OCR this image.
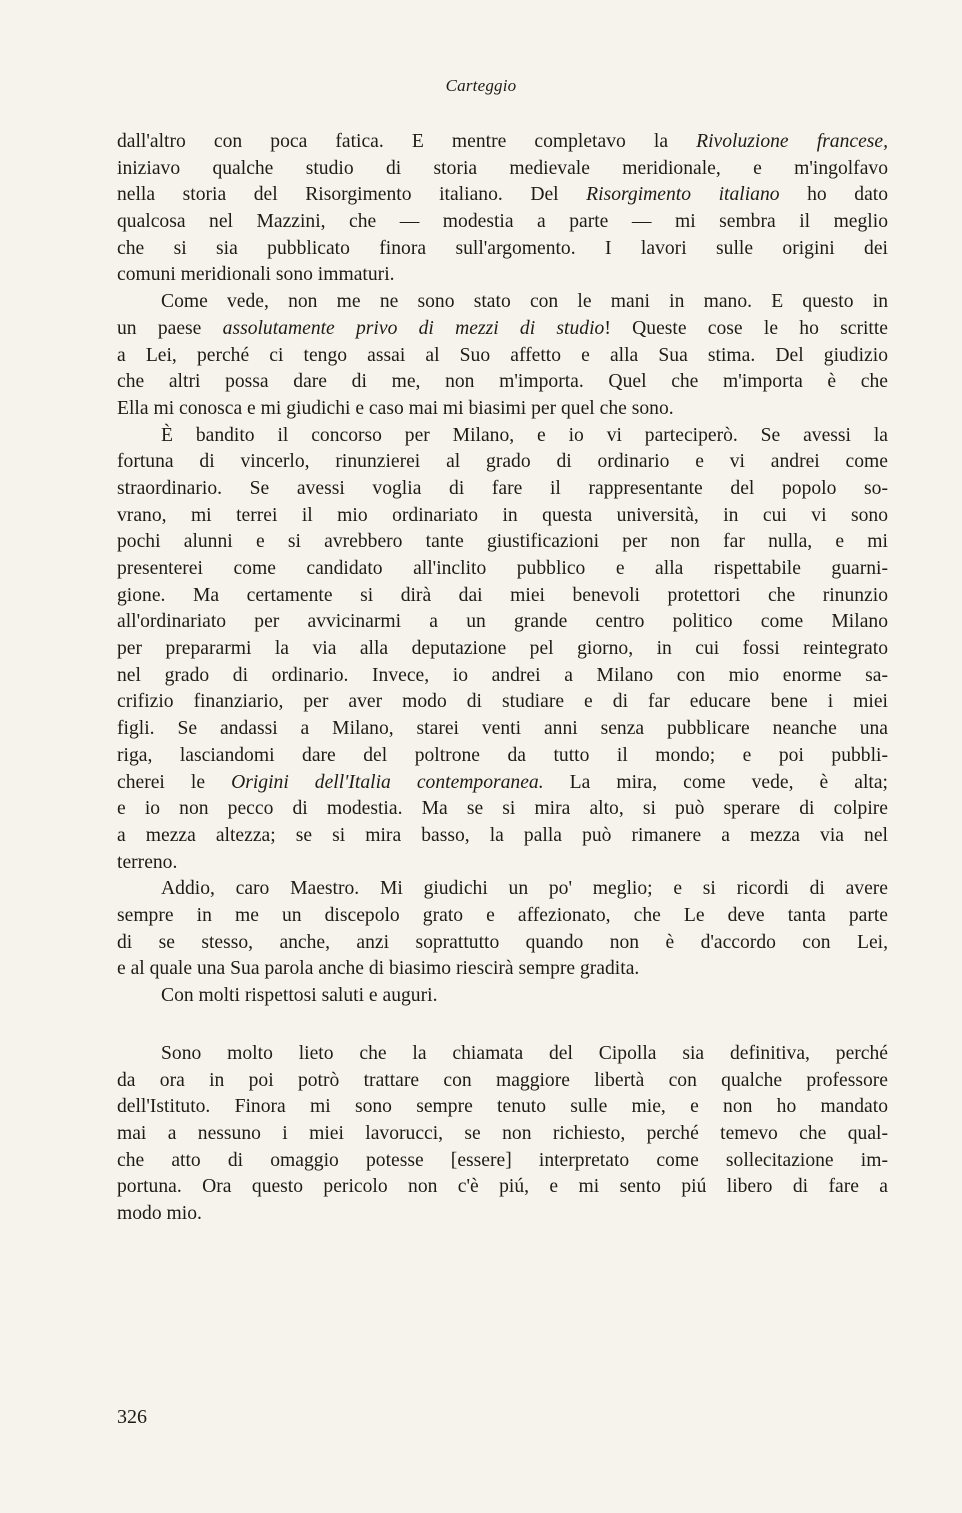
Carteggio
dall'altro con poca fatica. E mentre completavo la Rivoluzione francese,
iniziavo qualche studio di storia medievale meridionale, e m'ingolfavo
nella storia del Risorgimento italiano. Del Risorgimento italiano ho dato
qualcosa nel Mazzini, che — modestia a parte — mi sembra il meglio
che si sia pubblicato finora sull'argomento. I lavori sulle origini dei
comuni meridionali sono immaturi.
Come vede, non me ne sono stato con le mani in mano. E questo in
un paese assolutamente privo di mezzi di studio! Queste cose le ho scritte
a Lei, perché ci tengo assai al Suo affetto e alla Sua stima. Del giudizio
che altri possa dare di me, non m'importa. Quel che m'importa è che
Ella mi conosca e mi giudichi e caso mai mi biasimi per quel che sono.
È bandito il concorso per Milano, e io vi parteciperò. Se avessi la
fortuna di vincerlo, rinunzierei al grado di ordinario e vi andrei come
straordinario. Se avessi voglia di fare il rappresentante del popolo so-
vrano, mi terrei il mio ordinariato in questa università, in cui vi sono
pochi alunni e si avrebbero tante giustificazioni per non far nulla, e mi
presenterei come candidato all'inclito pubblico e alla rispettabile guarni-
gione. Ma certamente si dirà dai miei benevoli protettori che rinunzio
all'ordinariato per avvicinarmi a un grande centro politico come Milano
per prepararmi la via alla deputazione pel giorno, in cui fossi reintegrato
nel grado di ordinario. Invece, io andrei a Milano con mio enorme sa-
crifizio finanziario, per aver modo di studiare e di far educare bene i miei
figli. Se andassi a Milano, starei venti anni senza pubblicare neanche una
riga, lasciandomi dare del poltrone da tutto il mondo; e poi pubbli-
cherei le Origini dell'Italia contemporanea. La mira, come vede, è alta;
e io non pecco di modestia. Ma se si mira alto, si può sperare di colpire
a mezza altezza; se si mira basso, la palla può rimanere a mezza via nel
terreno.
Addio, caro Maestro. Mi giudichi un po' meglio; e si ricordi di avere
sempre in me un discepolo grato e affezionato, che Le deve tanta parte
di se stesso, anche, anzi soprattutto quando non è d'accordo con Lei,
e al quale una Sua parola anche di biasimo riescirà sempre gradita.
Con molti rispettosi saluti e auguri.
Sono molto lieto che la chiamata del Cipolla sia definitiva, perché
da ora in poi potrò trattare con maggiore libertà con qualche professore
dell'Istituto. Finora mi sono sempre tenuto sulle mie, e non ho mandato
mai a nessuno i miei lavorucci, se non richiesto, perché temevo che qual-
che atto di omaggio potesse [essere] interpretato come sollecitazione im-
portuna. Ora questo pericolo non c'è piú, e mi sento piú libero di fare a
modo mio.
326
